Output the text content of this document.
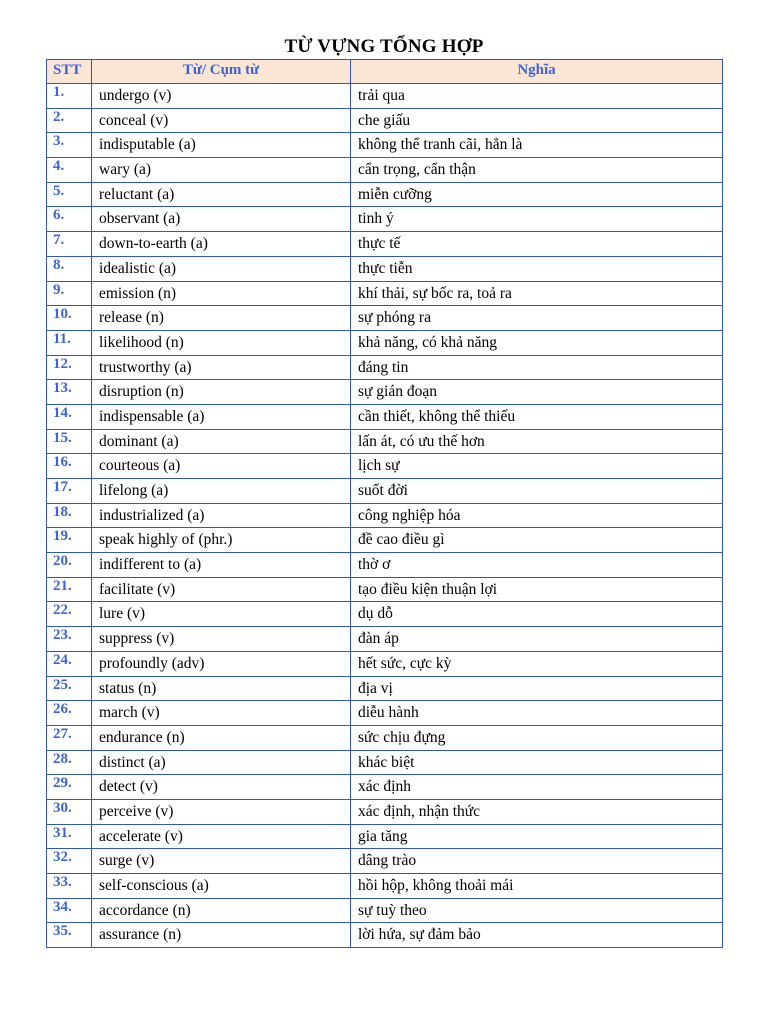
TỪ VỰNG TỔNG HỢP
STT	Từ/ Cụm từ	Nghĩa
1.	undergo (v)	trải qua
2.	conceal (v)	che giấu
3.	indisputable (a)	không thể tranh cãi, hẳn là
4.	wary (a)	cẩn trọng, cẩn thận
5.	reluctant (a)	miễn cưỡng
6.	observant (a)	tinh ý
7.	down-to-earth (a)	thực tế
8.	idealistic (a)	thực tiễn
9.	emission (n)	khí thải, sự bốc ra, toả ra
10.	release (n)	sự phóng ra
11.	likelihood (n)	khả năng, có khả năng
12.	trustworthy (a)	đáng tin
13.	disruption (n)	sự gián đoạn
14.	indispensable (a)	cần thiết, không thể thiếu
15.	dominant (a)	lấn át, có ưu thế hơn
16.	courteous (a)	lịch sự
17.	lifelong (a)	suốt đời
18.	industrialized (a)	công nghiệp hóa
19.	speak highly of (phr.)	đề cao điều gì
20.	indifferent to (a)	thờ ơ
21.	facilitate (v)	tạo điều kiện thuận lợi
22.	lure (v)	dụ dỗ
23.	suppress (v)	đàn áp
24.	profoundly (adv)	hết sức, cực kỳ
25.	status (n)	địa vị
26.	march (v)	diễu hành
27.	endurance (n)	sức chịu đựng
28.	distinct (a)	khác biệt
29.	detect (v)	xác định
30.	perceive (v)	xác định, nhận thức
31.	accelerate (v)	gia tăng
32.	surge (v)	dâng trào
33.	self-conscious (a)	hồi hộp, không thoải mái
34.	accordance (n)	sự tuỳ theo
35.	assurance (n)	lời hứa, sự đảm bảo
